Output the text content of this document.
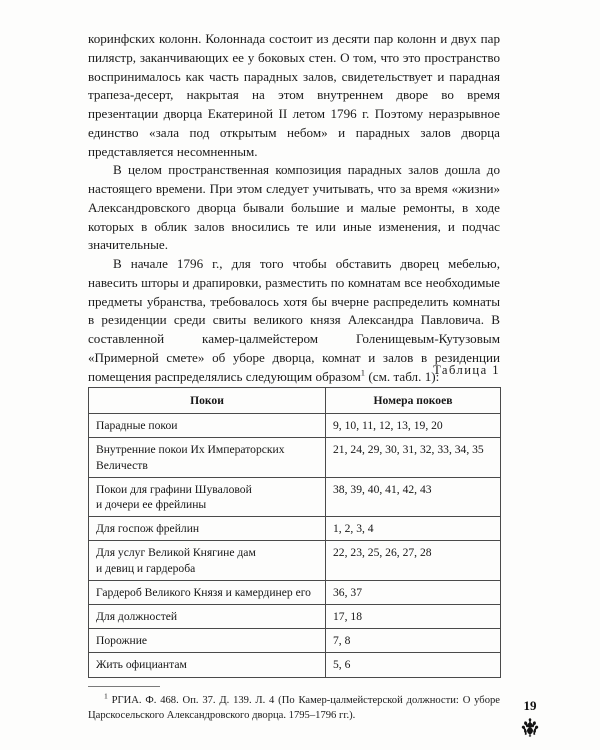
коринфских колонн. Колоннада состоит из десяти пар колонн и двух пар пилястр, заканчивающих ее у боковых стен. О том, что это пространство воспринималось как часть парадных залов, свидетельствует и парадная трапеза-десерт, накрытая на этом внутреннем дворе во время презентации дворца Екатериной II летом 1796 г. Поэтому неразрывное единство «зала под открытым небом» и парадных залов дворца представляется несомненным.

В целом пространственная композиция парадных залов дошла до настоящего времени. При этом следует учитывать, что за время «жизни» Александровского дворца бывали большие и малые ремонты, в ходе которых в облик залов вносились те или иные изменения, и подчас значительные.

В начале 1796 г., для того чтобы обставить дворец мебелью, навесить шторы и драпировки, разместить по комнатам все необходимые предметы убранства, требовалось хотя бы вчерне распределить комнаты в резиденции среди свиты великого князя Александра Павловича. В составленной камер-цалмейстером Голенищевым-Кутузовым «Примерной смете» об уборе дворца, комнат и залов в резиденции помещения распределялись следующим образом$^1$ (см. табл. 1):

Таблица 1
Покои	Номера покоев

Парадные покои	9, 10, 11, 12, 13, 19, 20

Внутренние покои Их Императорских
Величеств	21, 24, 29, 30, 31, 32, 33, 34, 35

Покои для графини Шуваловой
и дочери ее фрейлины	38, 39, 40, 41, 42, 43

Для госпож фрейлин	1, 2, 3, 4

Для услуг Великой Княгине дам
и девиц и гардероба	22, 23, 25, 26, 27, 28

Гардероб Великого Князя и камердинер его	36, 37

Для должностей	17, 18

Порожние	7, 8

Жить официантам	5, 6
$^1$ РГИА. Ф. 468. Оп. 37. Д. 139. Л. 4 (По Камер-цалмейстерской должности: О уборе Царскосельского Александровского дворца. 1795–1796 гг.).
19
